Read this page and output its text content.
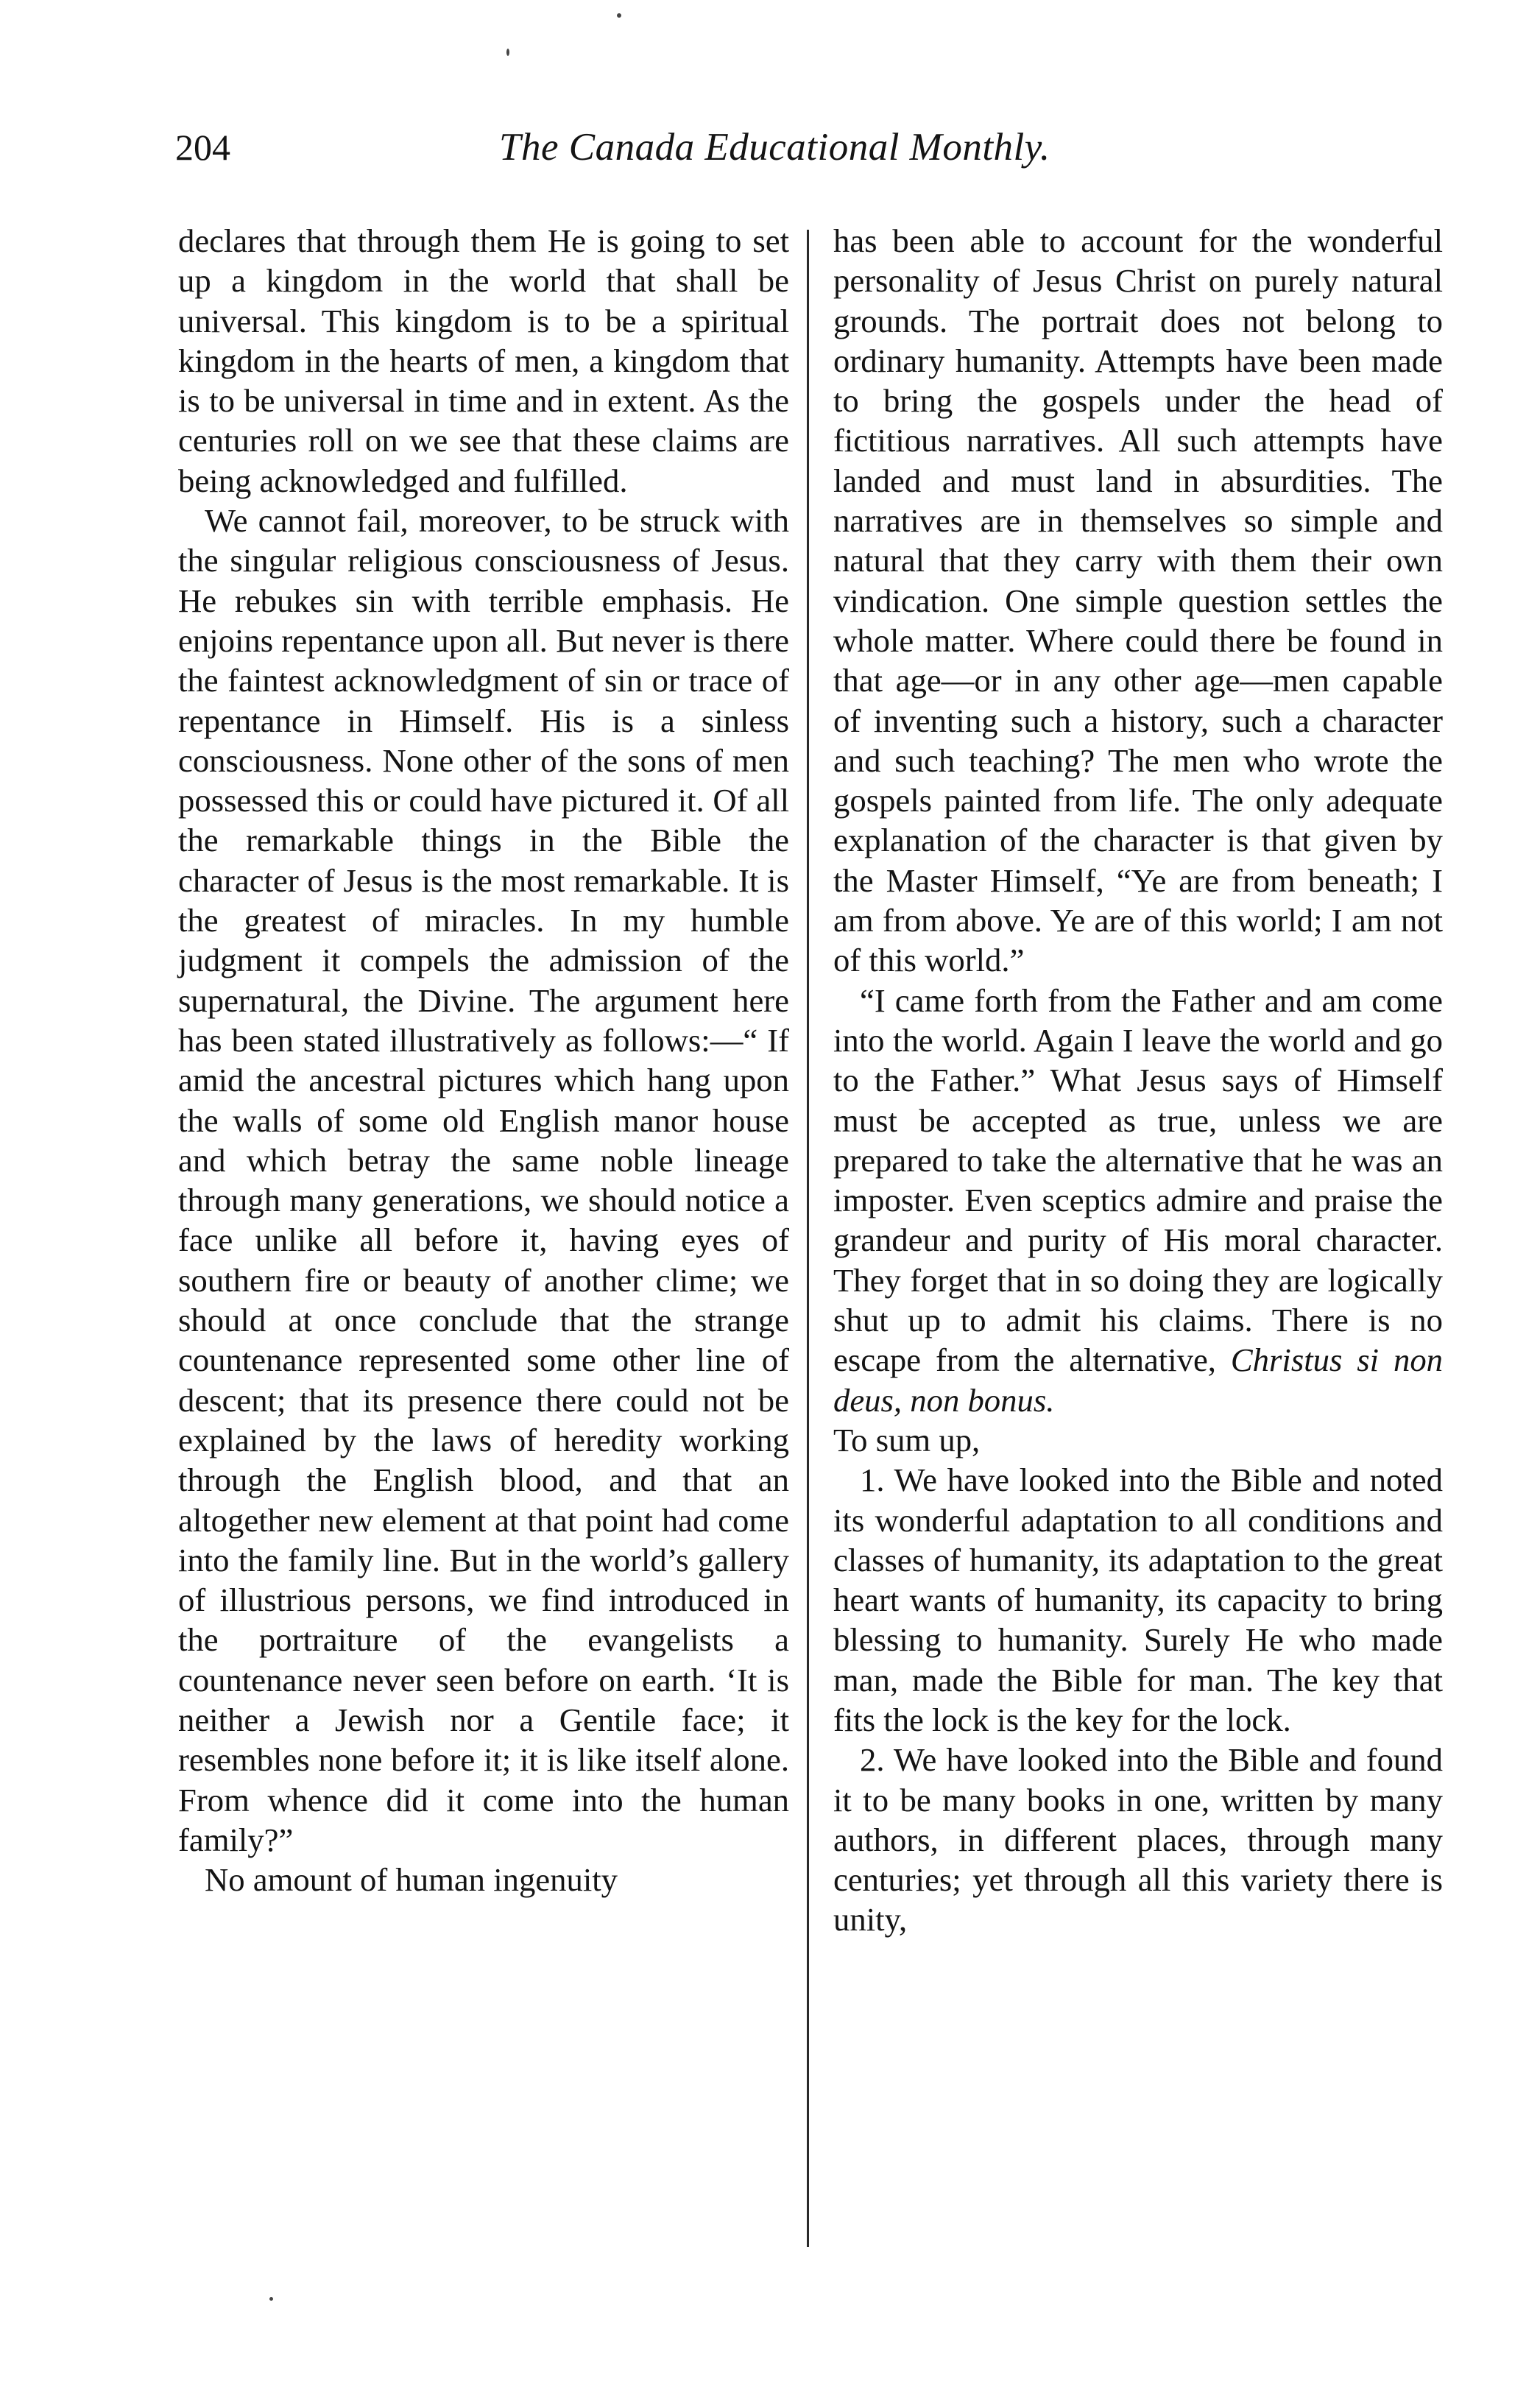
204	The Canada Educational Monthly.

declares that through them He is going to set up a kingdom in the world that shall be universal. This kingdom is to be a spiritual kingdom in the hearts of men, a kingdom that is to be universal in time and in extent. As the centuries roll on we see that these claims are being acknowledged and fulfilled.

We cannot fail, moreover, to be struck with the singular religious consciousness of Jesus. He rebukes sin with terrible emphasis. He enjoins repentance upon all. But never is there the faintest acknowledgment of sin or trace of repentance in Himself. His is a sinless consciousness. None other of the sons of men possessed this or could have pictured it. Of all the remarkable things in the Bible the character of Jesus is the most remarkable. It is the greatest of miracles. In my humble judgment it compels the admission of the supernatural, the Divine. The argument here has been stated illustratively as follows:—“ If amid the ancestral pictures which hang upon the walls of some old English manor house and which betray the same noble lineage through many generations, we should notice a face unlike all before it, having eyes of southern fire or beauty of another clime; we should at once conclude that the strange countenance represented some other line of descent; that its presence there could not be explained by the laws of heredity working through the English blood, and that an altogether new element at that point had come into the family line. But in the world’s gallery of illustrious persons, we find introduced in the portraiture of the evangelists a countenance never seen before on earth. ‘It is neither a Jewish nor a Gentile face; it resembles none before it; it is like itself alone. From whence did it come into the human family?”

No amount of human ingenuity

has been able to account for the wonderful personality of Jesus Christ on purely natural grounds. The portrait does not belong to ordinary humanity. Attempts have been made to bring the gospels under the head of fictitious narratives. All such attempts have landed and must land in absurdities. The narratives are in themselves so simple and natural that they carry with them their own vindication. One simple question settles the whole matter. Where could there be found in that age—or in any other age—men capable of inventing such a history, such a character and such teaching? The men who wrote the gospels painted from life. The only adequate explanation of the character is that given by the Master Himself, “Ye are from beneath; I am from above. Ye are of this world; I am not of this world.”

“I came forth from the Father and am come into the world. Again I leave the world and go to the Father.” What Jesus says of Himself must be accepted as true, unless we are prepared to take the alternative that he was an imposter. Even sceptics admire and praise the grandeur and purity of His moral character. They forget that in so doing they are logically shut up to admit his claims. There is no escape from the alternative, Christus si non deus, non bonus.
To sum up,

1. We have looked into the Bible and noted its wonderful adaptation to all conditions and classes of humanity, its adaptation to the great heart wants of humanity, its capacity to bring blessing to humanity. Surely He who made man, made the Bible for man. The key that fits the lock is the key for the lock.

2. We have looked into the Bible and found it to be many books in one, written by many authors, in different places, through many centuries; yet through all this variety there is unity,
